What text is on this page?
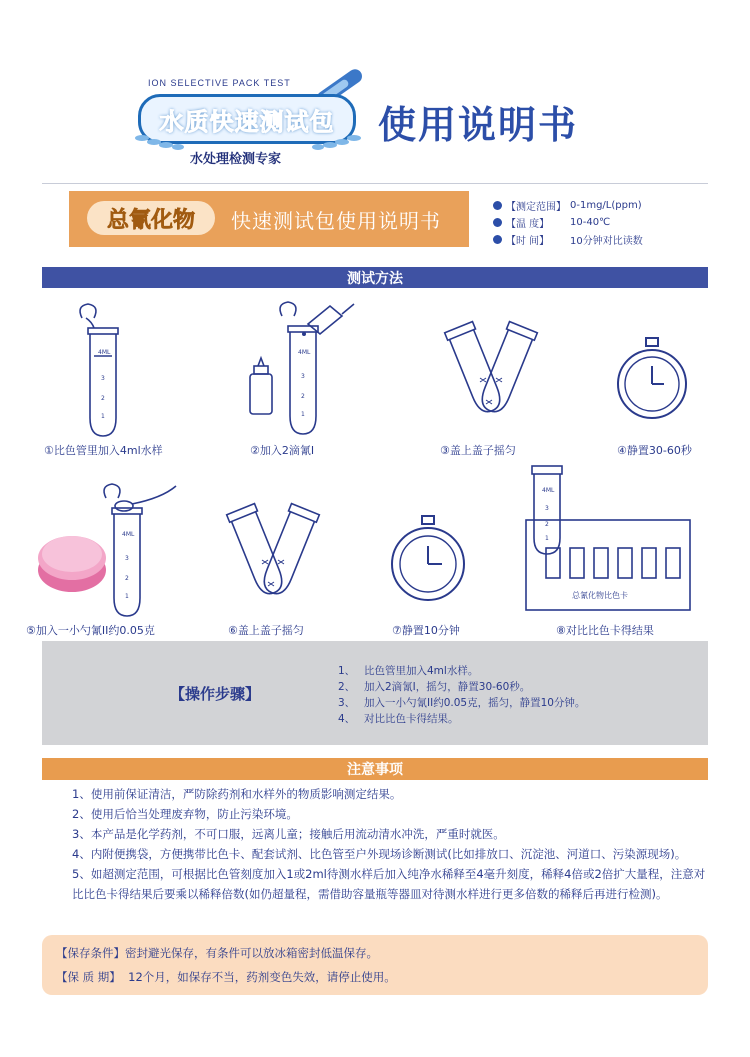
ION SELECTIVE PACK TEST
水质快速测试包
水处理检测专家
使用说明书
总氰化物 快速测试包使用说明书
【测定范围】 0-1mg/L(ppm)
【温 度】	10-40℃
【时 间】	10分钟对比读数
测试方法
4ML
3
2
1
①比色管里加入4ml水样
4ML
3
2
1
②加入2滴氰I	③盖上盖子摇匀	④静置30-60秒
4ML
3
2
1
⑤加入一小勺氰II约0.05克	⑥盖上盖子摇匀	⑦静置10分钟
4ML
3
2
1
总氰化物比色卡
⑧对比比色卡得结果
【操作步骤】
1、 比色管里加入4ml水样。
2、 加入2滴氰I，摇匀，静置30-60秒。
3、 加入一小勺氰II约0.05克，摇匀，静置10分钟。
4、 对比比色卡得结果。
注意事项
1、使用前保证清洁，严防除药剂和水样外的物质影响测定结果。
2、使用后恰当处理废弃物，防止污染环境。
3、本产品是化学药剂，不可口服，远离儿童；接触后用流动清水冲洗，严重时就医。
4、内附便携袋，方便携带比色卡、配套试剂、比色管至户外现场诊断测试(比如排放口、沉淀池、河道口、污染源现场)。
5、如超测定范围，可根据比色管刻度加入1或2ml待测水样后加入纯净水稀释至4毫升刻度，稀释4倍或2倍扩大量程，注意对比比色卡得结果后要乘以稀释倍数(如仍超量程，需借助容量瓶等器皿对待测水样进行更多倍数的稀释后再进行检测)。
【保存条件】密封避光保存，有条件可以放冰箱密封低温保存。
【保 质 期】 12个月，如保存不当，药剂变色失效，请停止使用。
